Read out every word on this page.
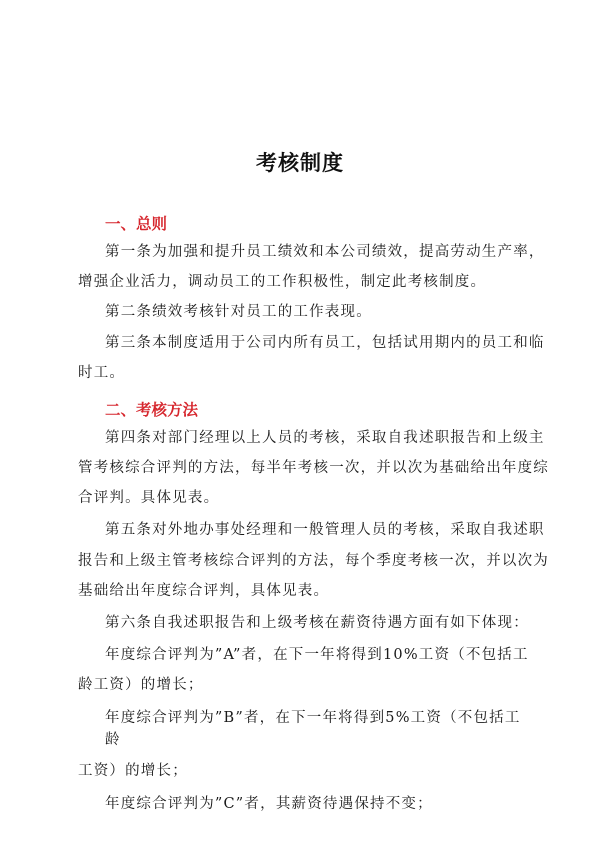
考核制度
一、总则
第一条为加强和提升员工绩效和本公司绩效，提高劳动生产率，
增强企业活力，调动员工的工作积极性，制定此考核制度。
第二条绩效考核针对员工的工作表现。
第三条本制度适用于公司内所有员工，包括试用期内的员工和临
时工。
二、考核方法
第四条对部门经理以上人员的考核，采取自我述职报告和上级主
管考核综合评判的方法，每半年考核一次，并以次为基础给出年度综
合评判。具体见表。
第五条对外地办事处经理和一般管理人员的考核，采取自我述职
报告和上级主管考核综合评判的方法，每个季度考核一次，并以次为
基础给出年度综合评判，具体见表。
第六条自我述职报告和上级考核在薪资待遇方面有如下体现：
年度综合评判为”A”者，在下一年将得到10%工资（不包括工
龄工资）的增长；
年度综合评判为”B”者，在下一年将得到5%工资（不包括工
龄
工资）的增长；
年度综合评判为”C”者，其薪资待遇保持不变；
